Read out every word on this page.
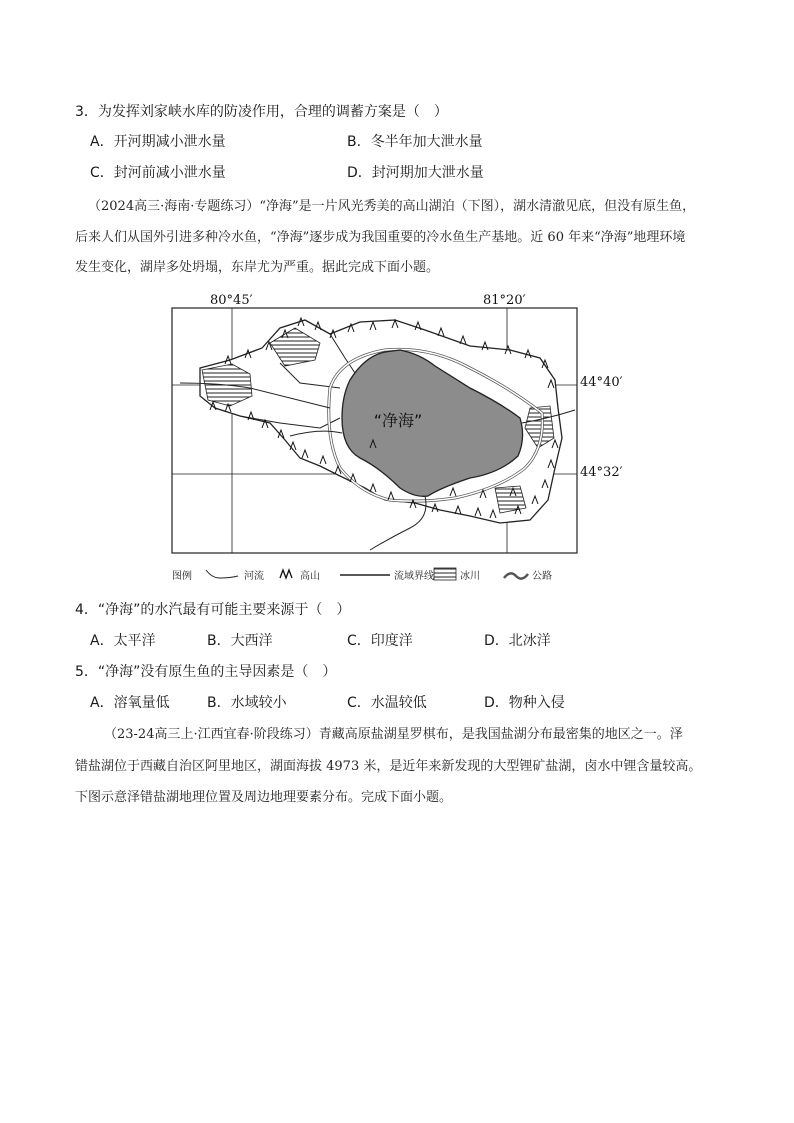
3．为发挥刘家峡水库的防凌作用，合理的调蓄方案是（　）
A．开河期减小泄水量	B．冬半年加大泄水量
C．封河前减小泄水量	D．封河期加大泄水量
（2024高三·海南·专题练习）“净海”是一片风光秀美的高山湖泊（下图），湖水清澈见底，但没有原生鱼，
后来人们从国外引进多种冷水鱼，“净海”逐步成为我国重要的冷水鱼生产基地。近 60 年来“净海”地理环境
发生变化，湖岸多处坍塌，东岸尤为严重。据此完成下面小题。
80°45′	81°20′
44°40′
44°32′
“净海”
图例	河流	高山	流域界线	冰川	公路
4．“净海”的水汽最有可能主要来源于（　）
A．太平洋	B．大西洋	C．印度洋	D．北冰洋
5．“净海”没有原生鱼的主导因素是（　）
A．溶氧量低	B．水域较小	C．水温较低	D．物种入侵
（23-24高三上·江西宜春·阶段练习）青藏高原盐湖星罗棋布，是我国盐湖分布最密集的地区之一。泽
错盐湖位于西藏自治区阿里地区，湖面海拔 4973 米，是近年来新发现的大型锂矿盐湖，卤水中锂含量较高。
下图示意泽错盐湖地理位置及周边地理要素分布。完成下面小题。
